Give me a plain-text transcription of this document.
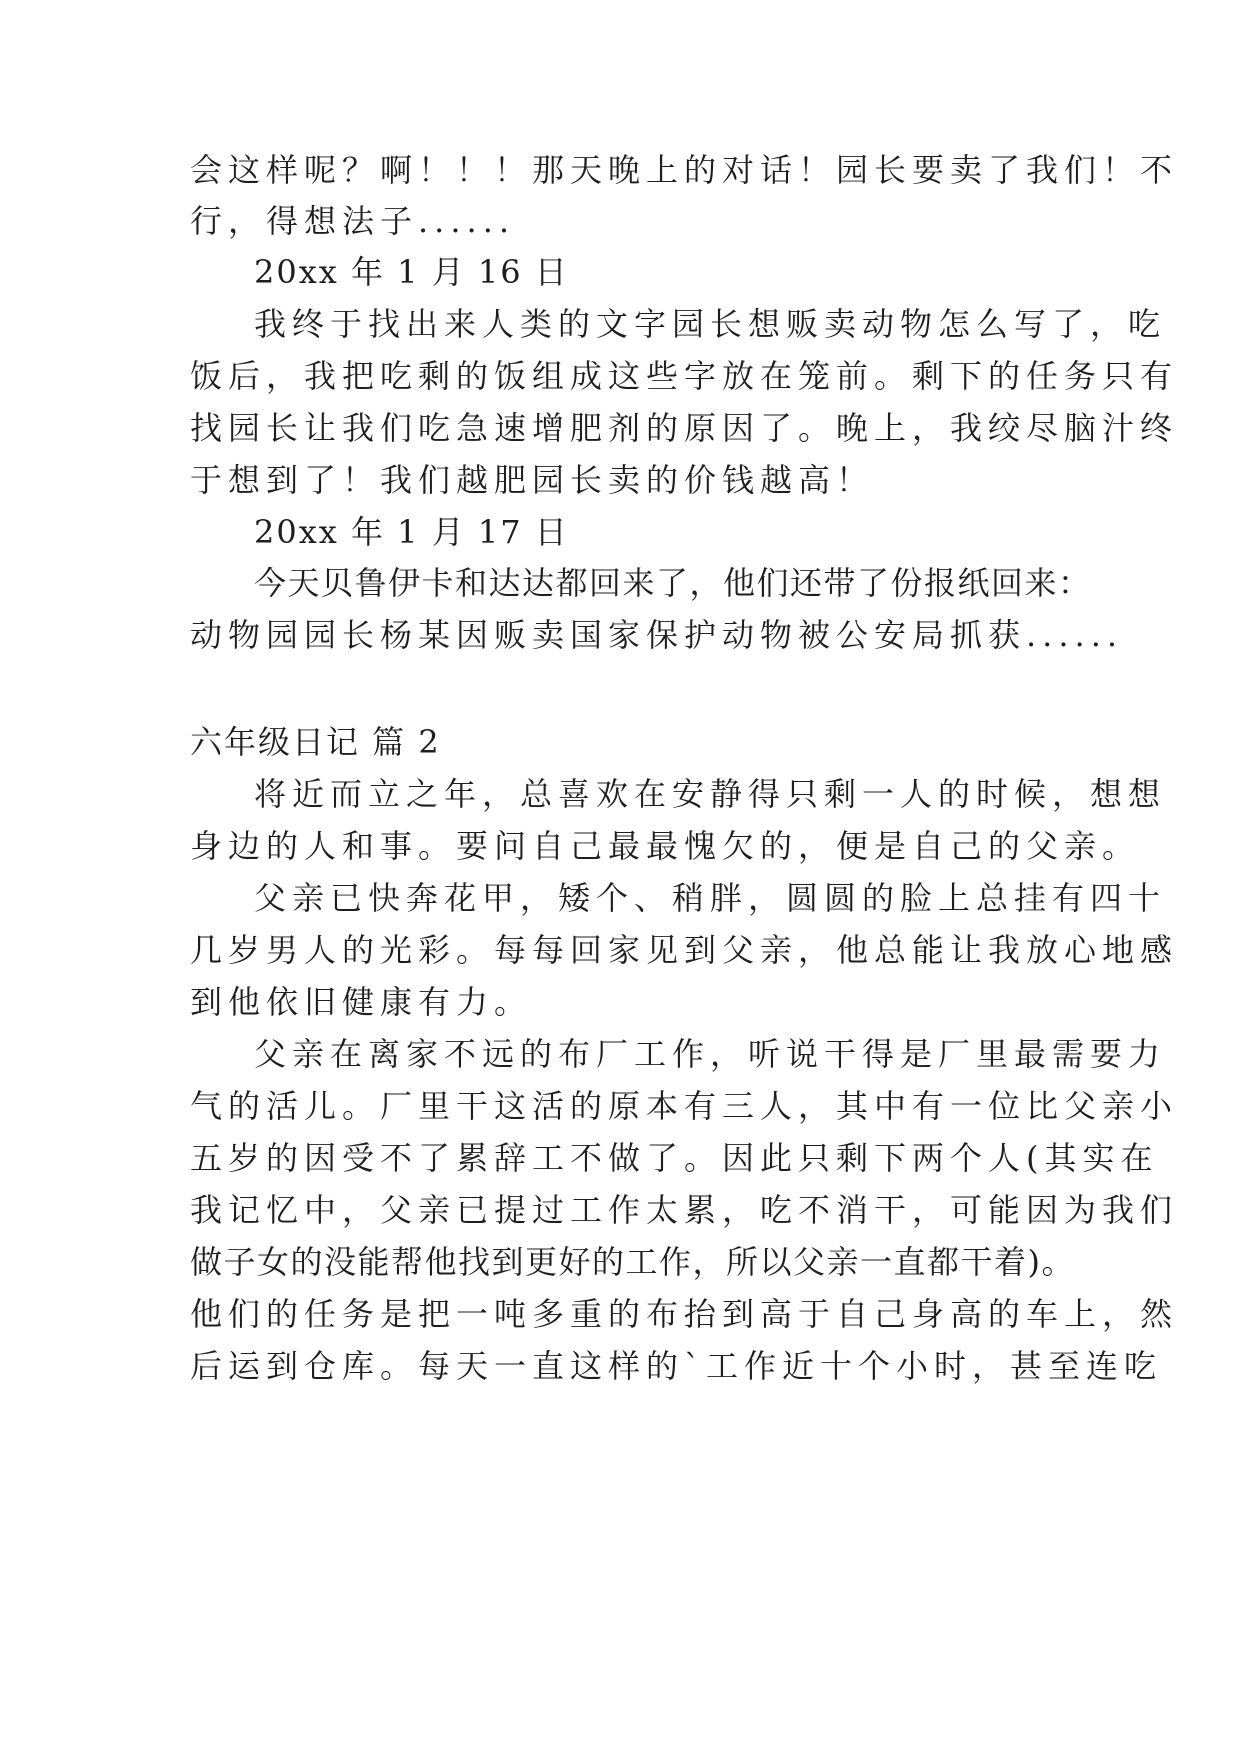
会这样呢？啊！！！那天晚上的对话！园长要卖了我们！不
行，得想法子......
20xx 年 1 月 16 日
我终于找出来人类的文字园长想贩卖动物怎么写了，吃
饭后，我把吃剩的饭组成这些字放在笼前。剩下的任务只有
找园长让我们吃急速增肥剂的原因了。晚上，我绞尽脑汁终
于想到了！我们越肥园长卖的价钱越高！
20xx 年 1 月 17 日
今天贝鲁伊卡和达达都回来了，他们还带了份报纸回来：
动物园园长杨某因贩卖国家保护动物被公安局抓获......
六年级日记 篇 2
将近而立之年，总喜欢在安静得只剩一人的时候，想想
身边的人和事。要问自己最最愧欠的，便是自己的父亲。
父亲已快奔花甲，矮个、稍胖，圆圆的脸上总挂有四十
几岁男人的光彩。每每回家见到父亲，他总能让我放心地感
到他依旧健康有力。
父亲在离家不远的布厂工作，听说干得是厂里最需要力
气的活儿。厂里干这活的原本有三人，其中有一位比父亲小
五岁的因受不了累辞工不做了。因此只剩下两个人(其实在
我记忆中，父亲已提过工作太累，吃不消干，可能因为我们
做子女的没能帮他找到更好的工作，所以父亲一直都干着)。
他们的任务是把一吨多重的布抬到高于自己身高的车上，然
后运到仓库。每天一直这样的`工作近十个小时，甚至连吃
